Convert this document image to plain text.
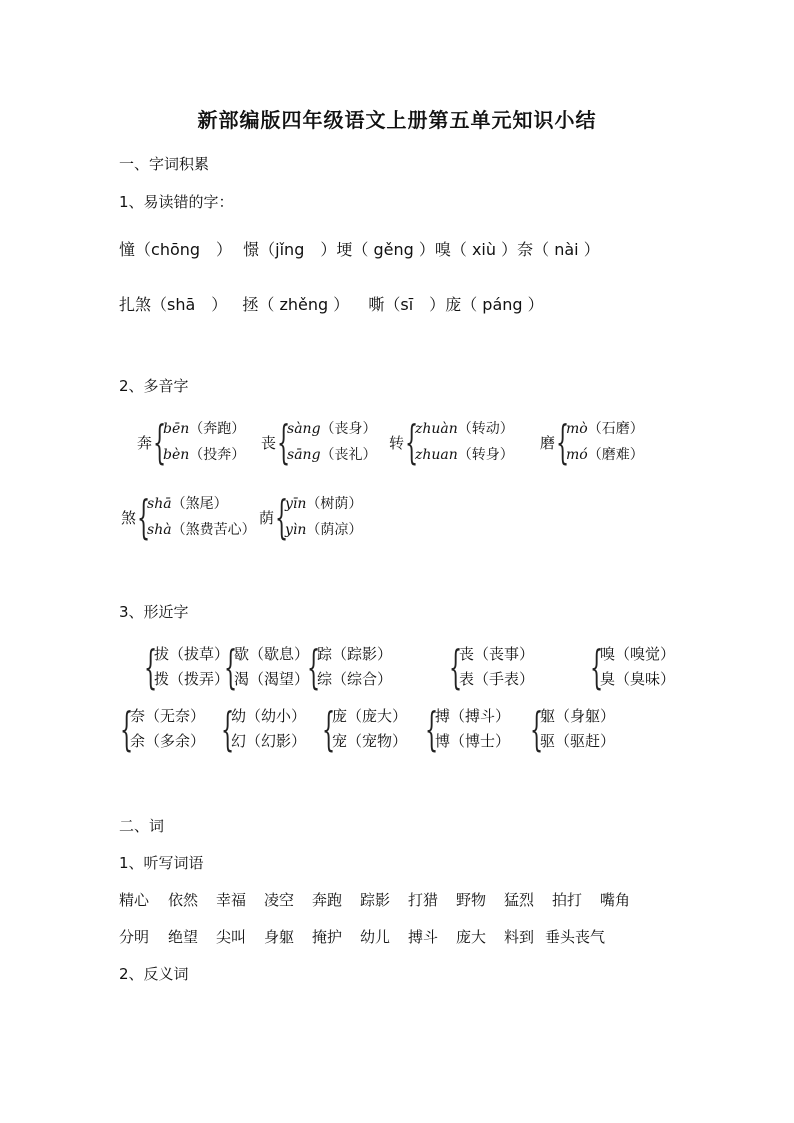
新部编版四年级语文上册第五单元知识小结
一、字词积累
1、易读错的字：
憧（chōng　） 憬（jǐng　）埂（ gěng ）嗅（ xiù ）奈（ nài ）
扎煞（shā　） 拯（ zhěng ） 嘶（sī　）庞（ páng ）
2、多音字
奔 {
bēn（奔跑）
bèn（投奔）
丧 {
sàng（丧身）
sāng（丧礼）
转 {
zhuàn（转动）
zhuan（转身）
磨 {
mò（石磨）
mó（磨难）
煞 {
shā（煞尾）
shà（煞费苦心）
荫 {
yīn（树荫）
yìn（荫凉）
3、形近字
{
拔（拔草）
拨（拨弄）
{
歇（歇息）
渴（渴望）
{
踪（踪影）
综（综合） {
丧（丧事）
表（手表） {
嗅（嗅觉）
臭（臭味）
{
奈（无奈）
余（多余） {
幼（幼小）
幻（幻影） {
庞（庞大）
宠（宠物） {
搏（搏斗）
博（博士） {
躯（身躯）
驱（驱赶）
二、词
1、听写词语
精心 依然 幸福 凌空 奔跑 踪影 打猎 野物 猛烈 拍打 嘴角
分明 绝望 尖叫 身躯 掩护 幼儿 搏斗 庞大 料到 垂头丧气
2、反义词
